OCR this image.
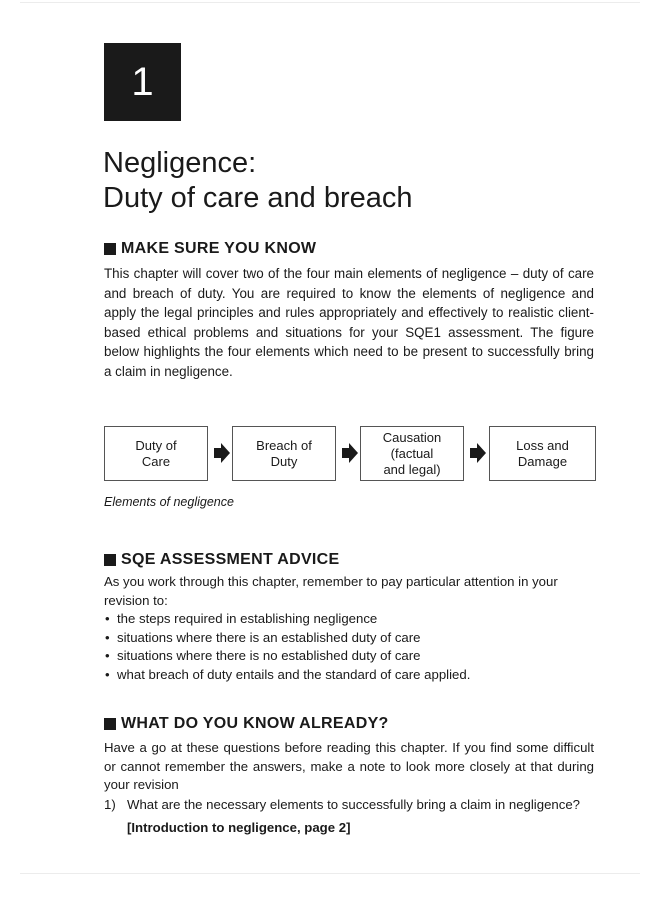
1
Negligence:
Duty of care and breach
MAKE SURE YOU KNOW

This chapter will cover two of the four main elements of negligence – duty of care and breach of duty. You are required to know the elements of negligence and apply the legal principles and rules appropriately and effectively to realistic client-based ethical problems and situations for your SQE1 assessment. The figure below highlights the four elements which need to be present to successfully bring a claim in negligence.

Duty of
Care
Breach of
Duty
Causation
(factual
and legal)
Loss and
Damage

Elements of negligence

SQE ASSESSMENT ADVICE

As you work through this chapter, remember to pay particular attention in your revision to:

• the steps required in establishing negligence
• situations where there is an established duty of care
• situations where there is no established duty of care
• what breach of duty entails and the standard of care applied.
WHAT DO YOU KNOW ALREADY?

Have a go at these questions before reading this chapter. If you find some difficult or cannot remember the answers, make a note to look more closely at that during your revision

1) What are the necessary elements to successfully bring a claim in negligence?
[Introduction to negligence, page 2]
